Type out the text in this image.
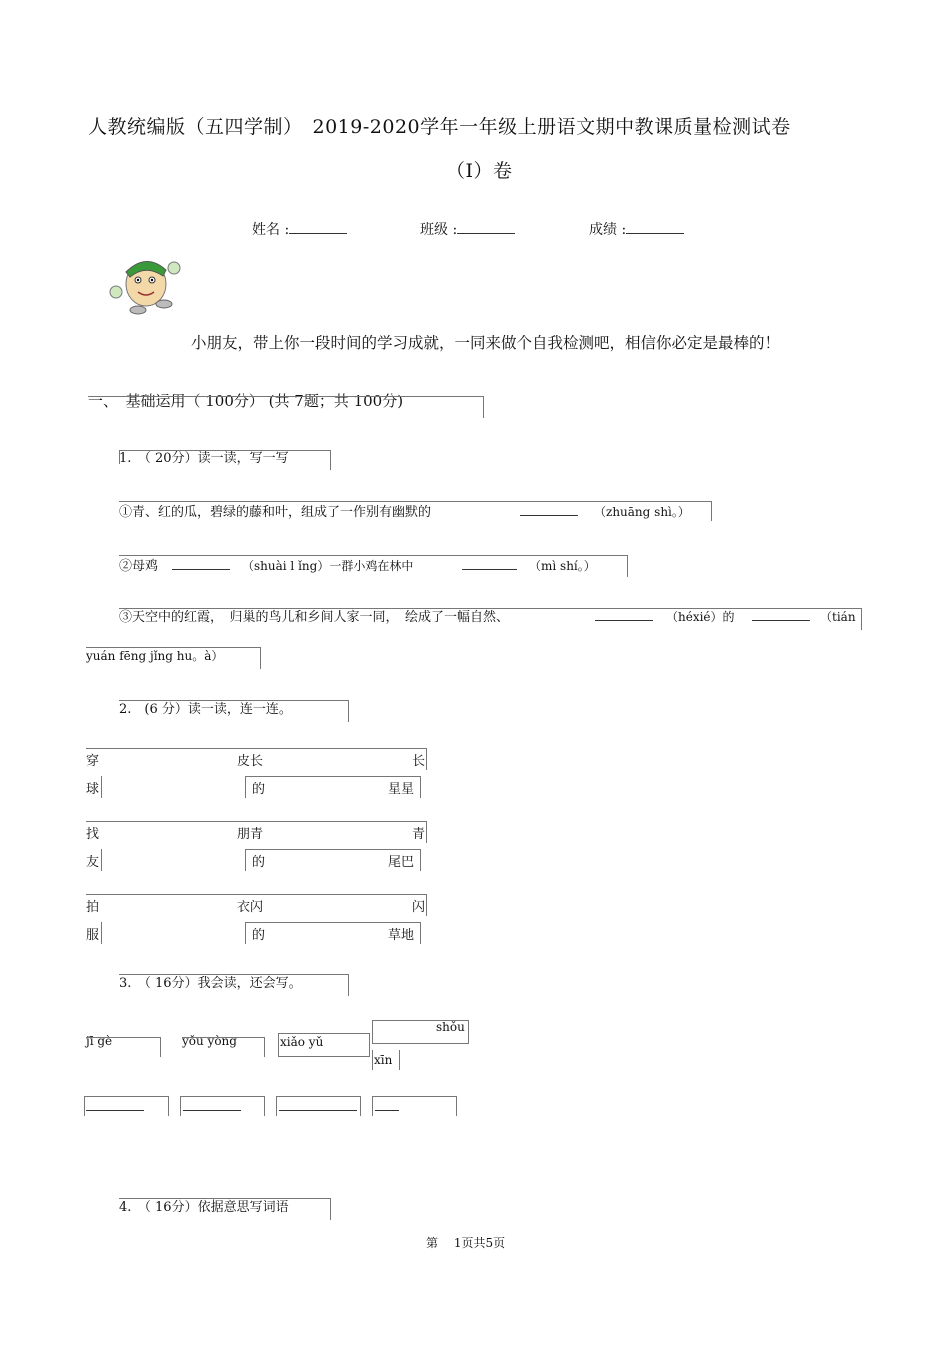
人教统编版（五四学制）　2019-2020学年一年级上册语文期中教课质量检测试卷
（I）卷
姓名 :	班级 :	成绩 :
小朋友，带上你一段时间的学习成就，一同来做个自我检测吧，相信你必定是最棒的！
一、　基础运用（ 100分） (共 7题；共 100分)
1.　（ 20分）读一读，写一写
①青、红的瓜，碧绿的藤和叶，组成了一作别有幽默的	（zhuāng shì。）
②母鸡	（shuài l ǐng）一群小鸡在林中	（mì shí。）
③天空中的红霞，　归巢的鸟儿和乡间人家一同，　绘成了一幅自然、	（héxié）的	（tián
yuán fēng jǐng hu。à）
2.　(6 分）读一读，连一连。
穿	皮长	长
球	的	星星
找	朋青	青
友	的	尾巴
拍	衣闪	闪
服	的	草地
3.　（ 16分）我会读，还会写。
jī gè	yǒu yòng	xiǎo yǔ
shǒu
xīn
4.　（ 16分）依据意思写词语
第　 1页共5页
